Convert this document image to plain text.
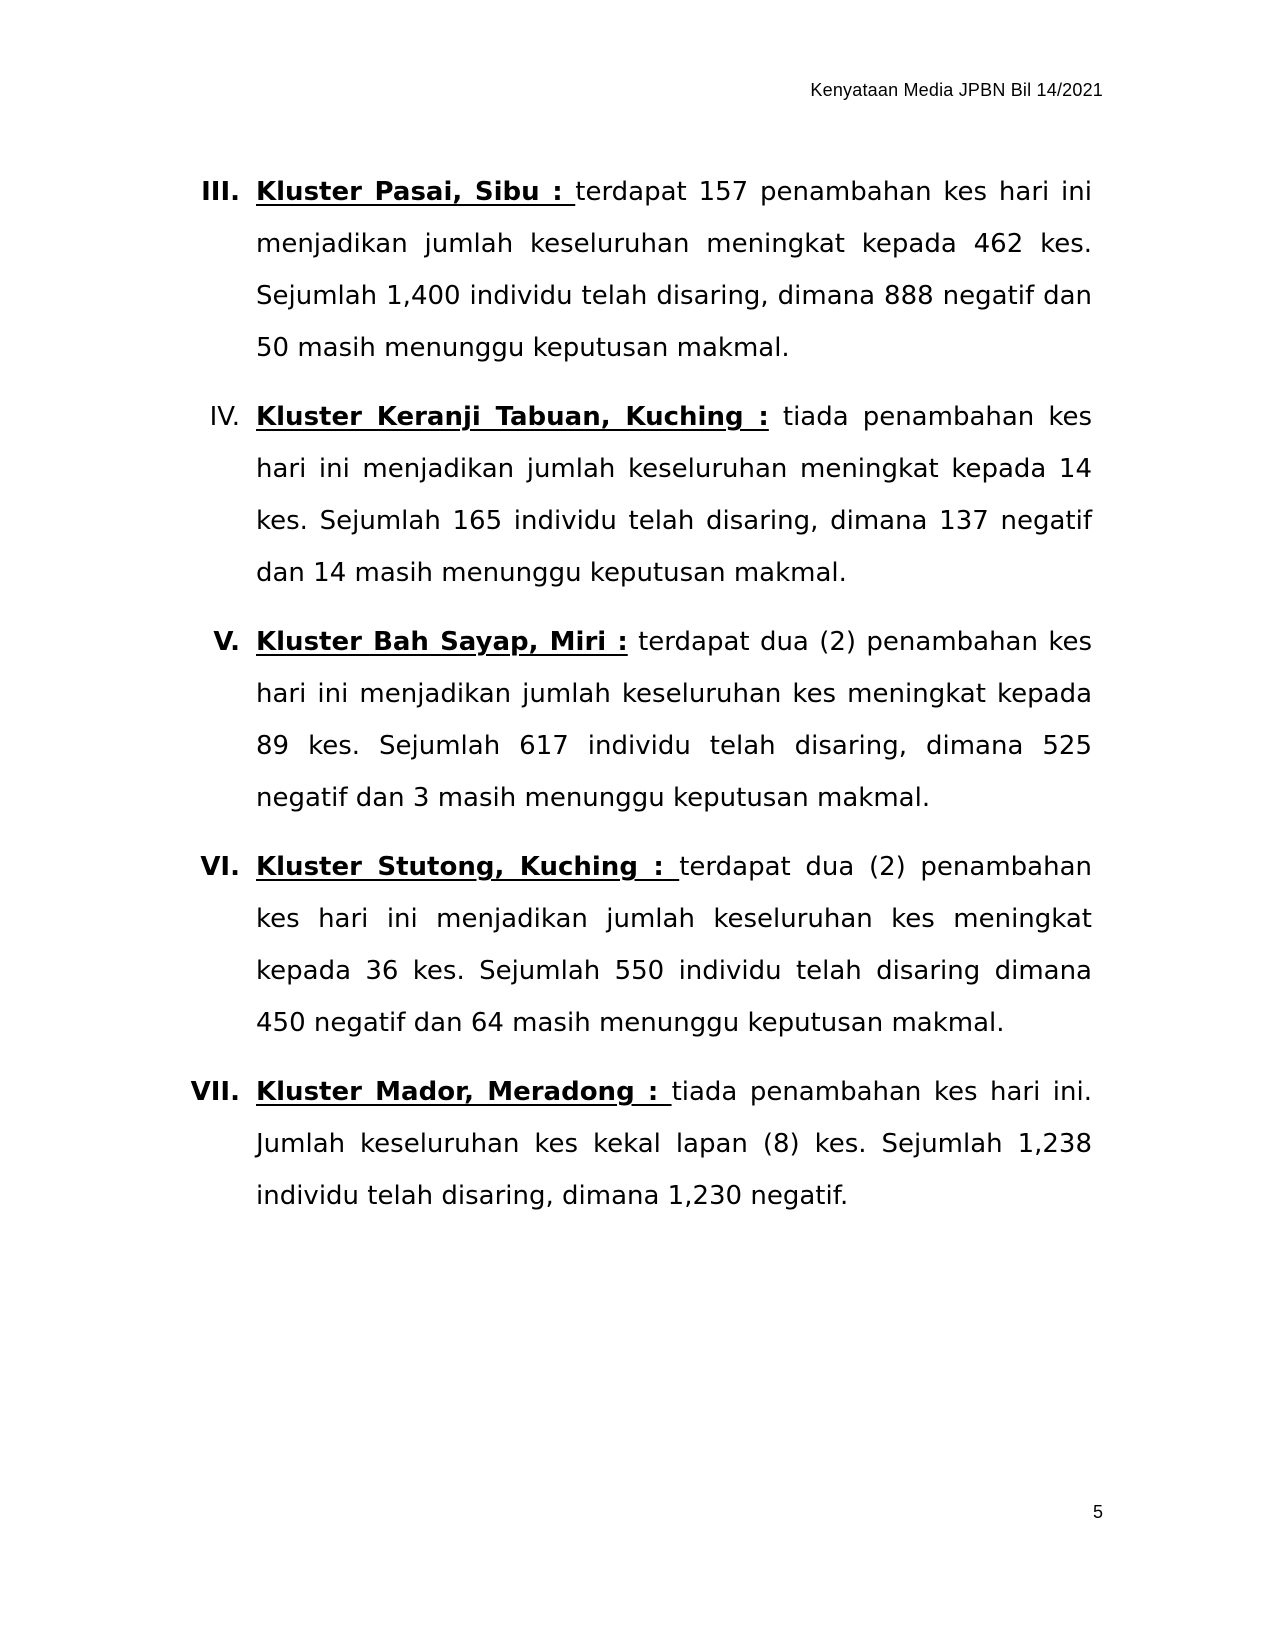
Kenyataan Media JPBN Bil 14/2021
III. Kluster Pasai, Sibu : terdapat 157 penambahan kes hari ini menjadikan jumlah keseluruhan meningkat kepada 462 kes. Sejumlah 1,400 individu telah disaring, dimana 888 negatif dan 50 masih menunggu keputusan makmal.
IV. Kluster Keranji Tabuan, Kuching : tiada penambahan kes hari ini menjadikan jumlah keseluruhan meningkat kepada 14 kes. Sejumlah 165 individu telah disaring, dimana 137 negatif dan 14 masih menunggu keputusan makmal.
V. Kluster Bah Sayap, Miri : terdapat dua (2) penambahan kes hari ini menjadikan jumlah keseluruhan kes meningkat kepada 89 kes. Sejumlah 617 individu telah disaring, dimana 525 negatif dan 3 masih menunggu keputusan makmal.
VI. Kluster Stutong, Kuching : terdapat dua (2) penambahan kes hari ini menjadikan jumlah keseluruhan kes meningkat kepada 36 kes. Sejumlah 550 individu telah disaring dimana 450 negatif dan 64 masih menunggu keputusan makmal.
VII. Kluster Mador, Meradong : tiada penambahan kes hari ini. Jumlah keseluruhan kes kekal lapan (8) kes. Sejumlah 1,238 individu telah disaring, dimana 1,230 negatif.
5
